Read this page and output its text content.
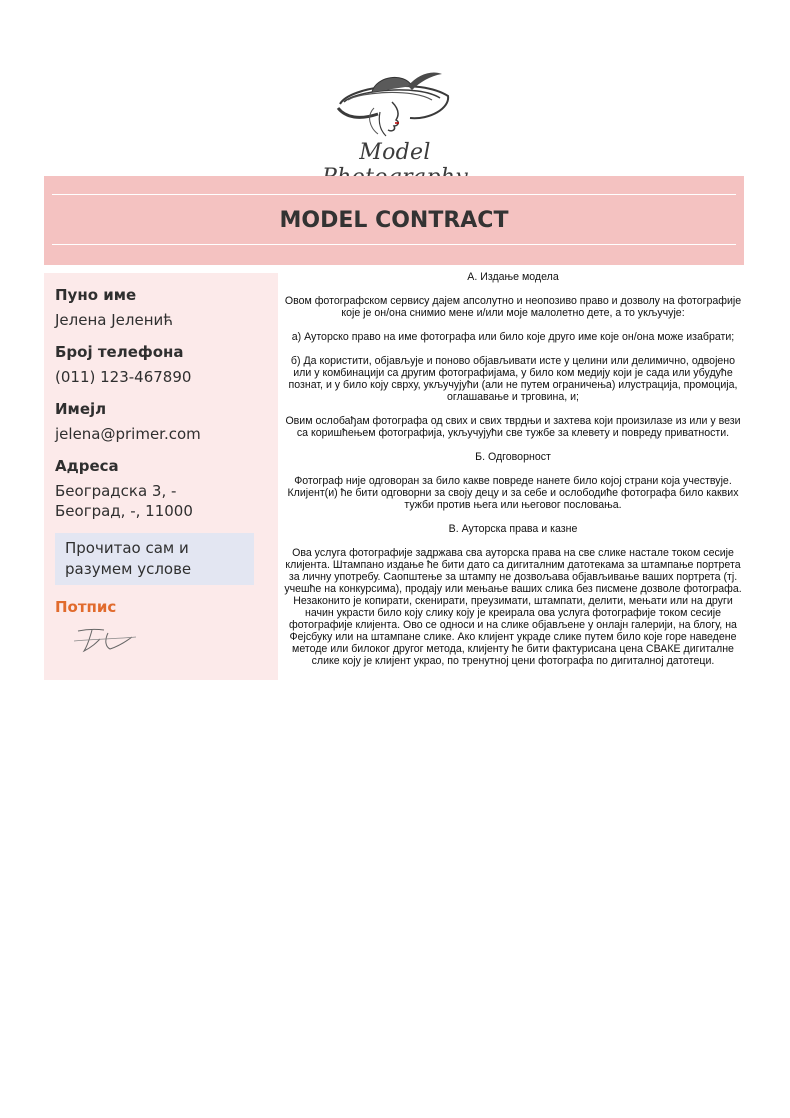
Model
MODEL CONTRACT
Пуно име
Јелена Јеленић
Број телефона
(011) 123-467890
Имејл
jelena@primer.com
Адреса
Београдска 3, -
Београд, -, 11000
Прочитао сам и разумем услове
Потпис

А. Издање модела

Овом фотографском сервису дајем апсолутно и неопозиво право и дозволу на фотографије које је он/она снимио мене и/или моје малолетно дете, а то укључује:

а) Ауторско право на име фотографа или било које друго име које он/она може изабрати;

б) Да користити, објављује и поново објављивати исте у целини или делимично, одвојено или у комбинацији са другим фотографијама, у било ком медију који је сада или убудуће познат, и у било коју сврху, укључујући (али не путем ограничења) илустрација, промоција, оглашавање и трговина, и;

Овим ослобађам фотографа од свих и свих тврдњи и захтева који произилазе из или у вези са коришћењем фотографија, укључујући све тужбе за клевету и повреду приватности.

Б. Одговорност

Фотограф није одговоран за било какве повреде нанете било којој страни која учествује. Клијент(и) ће бити одговорни за своју децу и за себе и ослободиће фотографа било каквих тужби против њега или његовог пословања.

В. Ауторска права и казне

Ова услуга фотографије задржава сва ауторска права на све слике настале током сесије клијента. Штампано издање ће бити дато са дигиталним датотекама за штампање портрета за личну употребу. Саопштење за штампу не дозвољава објављивање ваших портрета (тј. учешће на конкурсима), продају или мењање ваших слика без писмене дозволе фотографа. Незаконито је копирати, скенирати, преузимати, штампати, делити, мењати или на други начин украсти било коју слику коју је креирала ова услуга фотографије током сесије фотографије клијента. Ово се односи и на слике објављене у онлајн галерији, на блогу, на Фејсбуку или на штампане слике. Ако клијент украде слике путем било које горе наведене методе или билоког другог метода, клијенту ће бити фактурисана цена СВАКЕ дигиталне слике коју је клијент украо, по тренутној цени фотографа по дигиталној датотеци.
